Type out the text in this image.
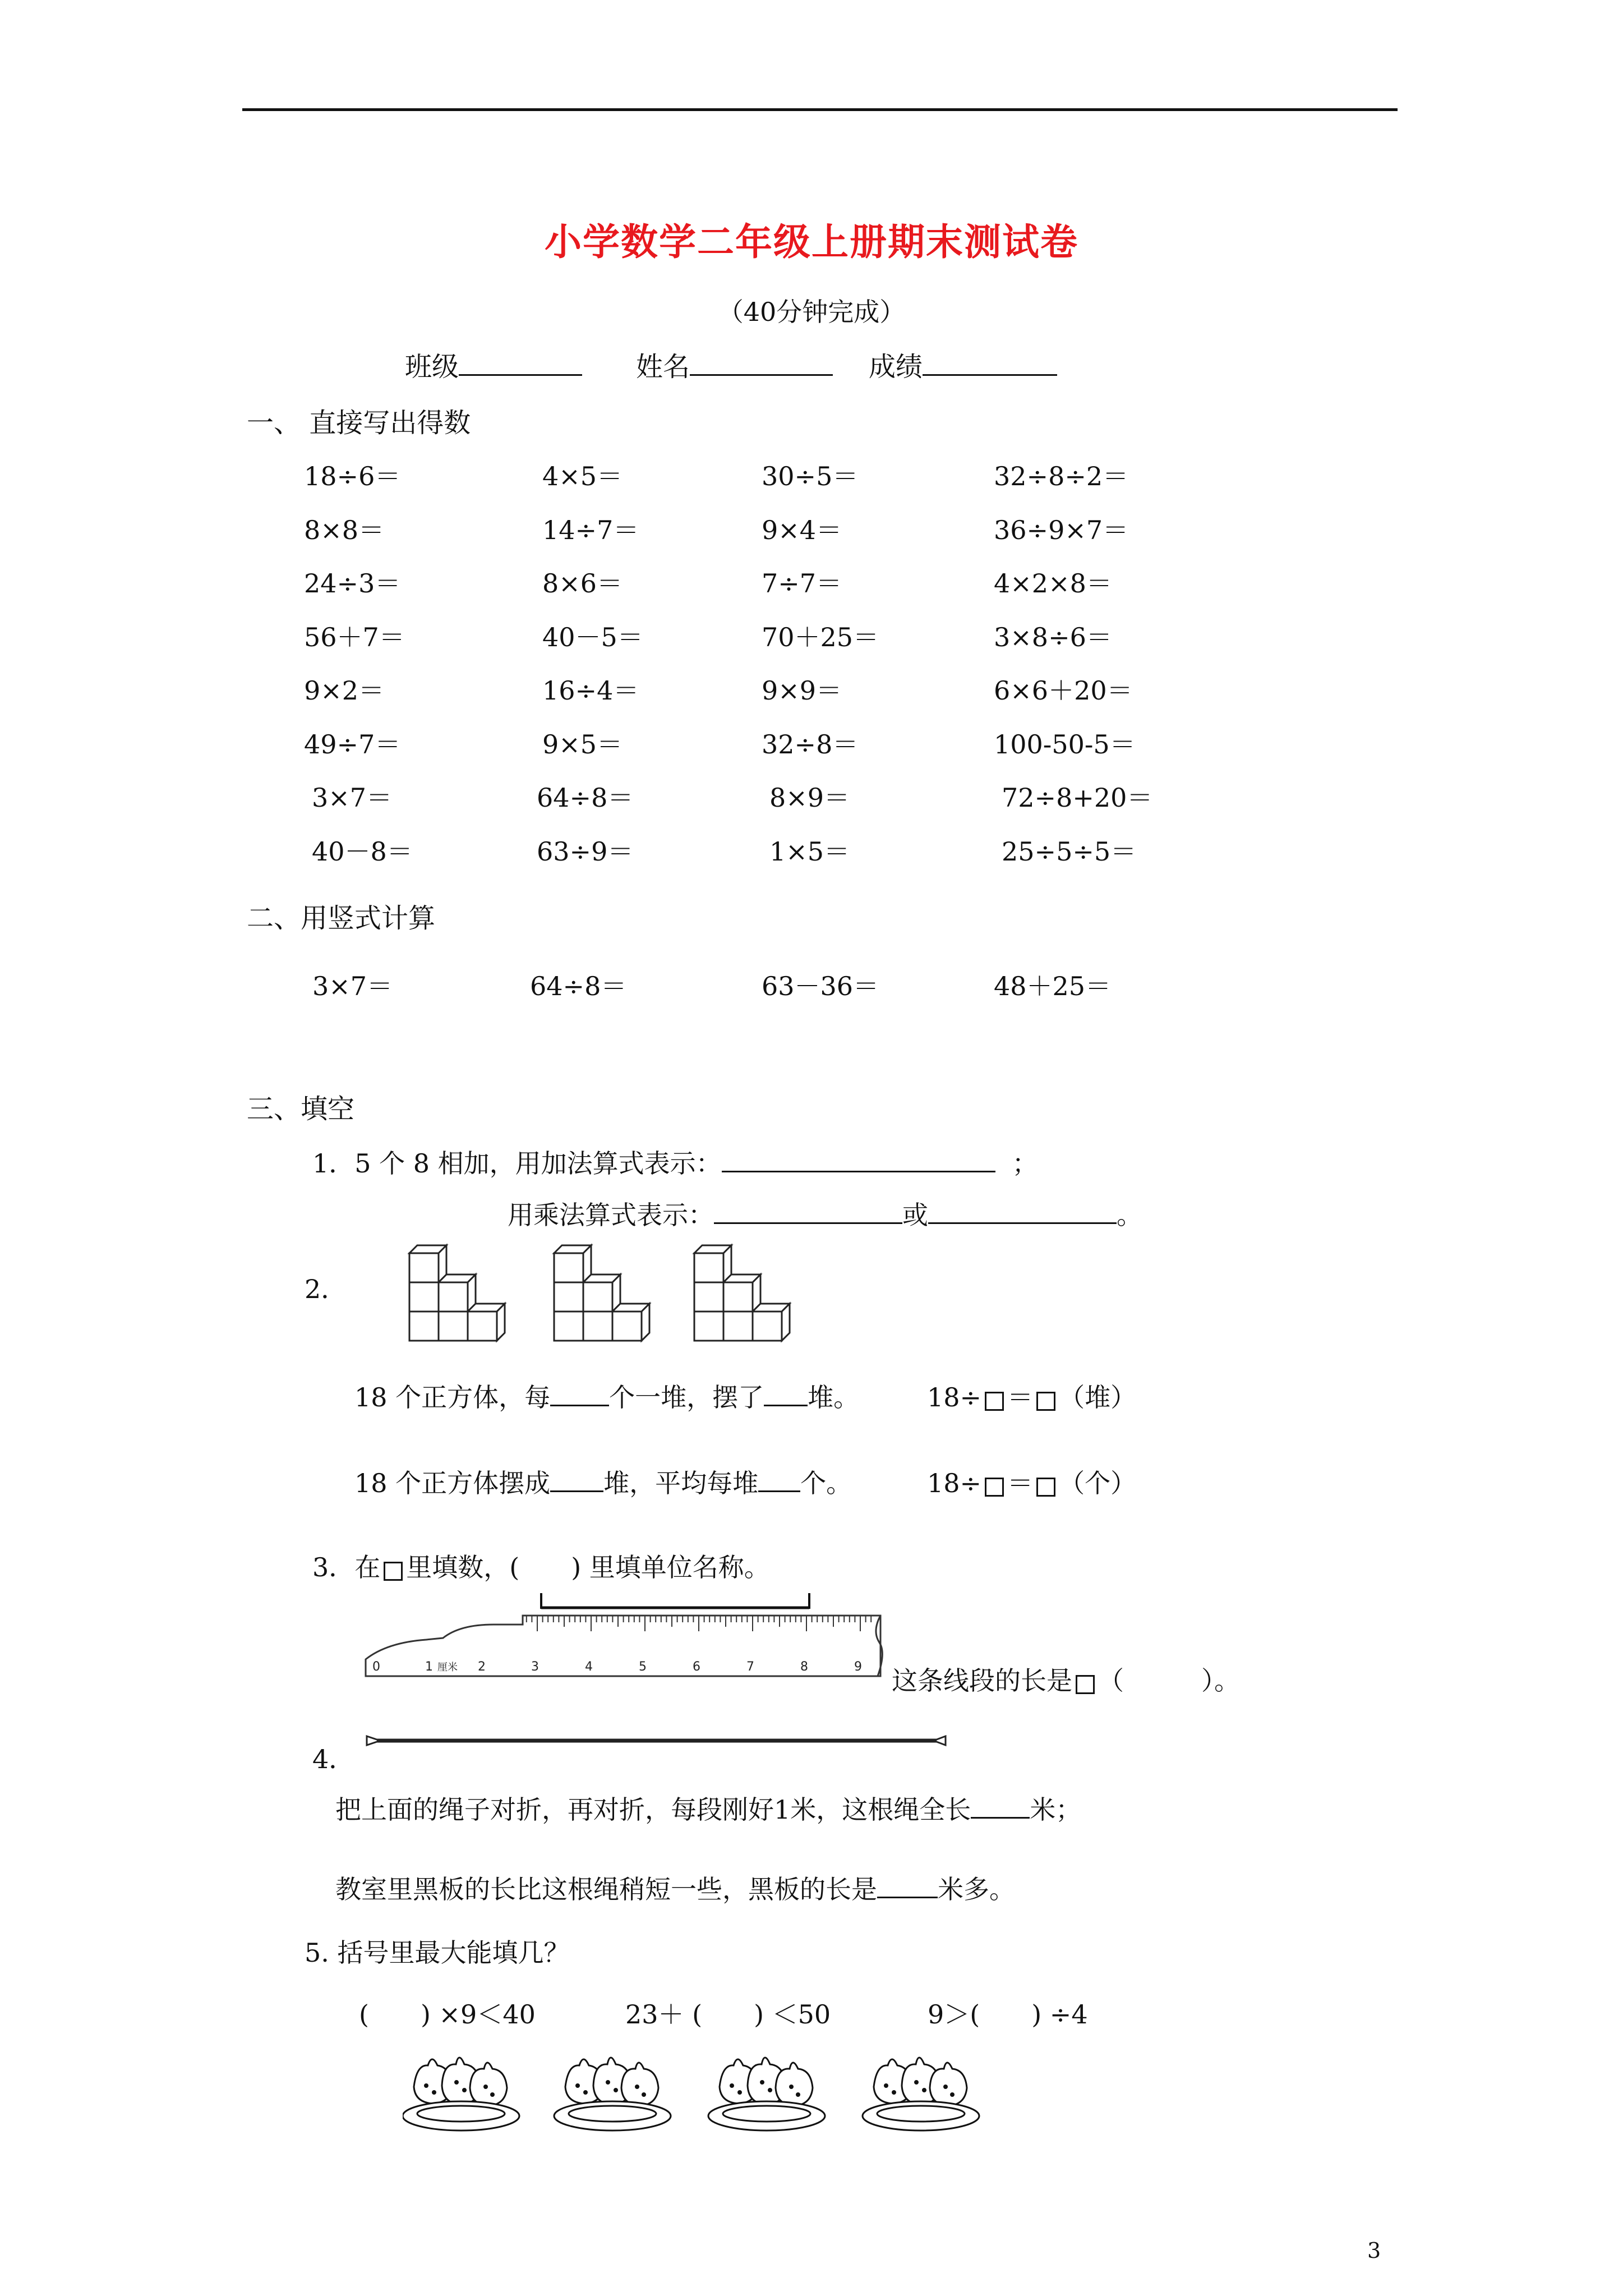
小学数学二年级上册期末测试卷
（40分钟完成）
班级	姓名	成绩
一、 直接写出得数
18÷6＝	4×5＝	30÷5＝	32÷8÷2＝
8×8＝	14÷7＝	9×4＝	36÷9×7＝
24÷3＝	8×6＝	7÷7＝	4×2×8＝
56＋7＝	40－5＝	70＋25＝	3×8÷6＝
9×2＝	16÷4＝	9×9＝	6×6＋20＝
49÷7＝	9×5＝	32÷8＝	100-50-5＝
3×7＝	64÷8＝	8×9＝	72÷8+20＝
40－8＝	63÷9＝	1×5＝	25÷5÷5＝
二、用竖式计算
3×7＝	64÷8＝	63－36＝	48＋25＝
三、填空
1．5 个 8 相加，用加法算式表示：	；
用乘法算式表示：	或	。
2．
18 个正方体，每 个一堆，摆了 堆。	18÷ ＝ （堆）
18 个正方体摆成 堆，平均每堆 个。	18÷ ＝ （个）
3．在 里填数，(　　) 里填单位名称。
0	1 厘米 2	3	4	5	6	7	8	9 这条线段的长是 （　　　）。
4．
把上面的绳子对折，再对折，每段刚好1米，这根绳全长 米；
教室里黑板的长比这根绳稍短一些，黑板的长是 米多。
5. 括号里最大能填几？
(　　) ×9＜40	23＋ (　　) ＜50	9＞(　　) ÷4
3
